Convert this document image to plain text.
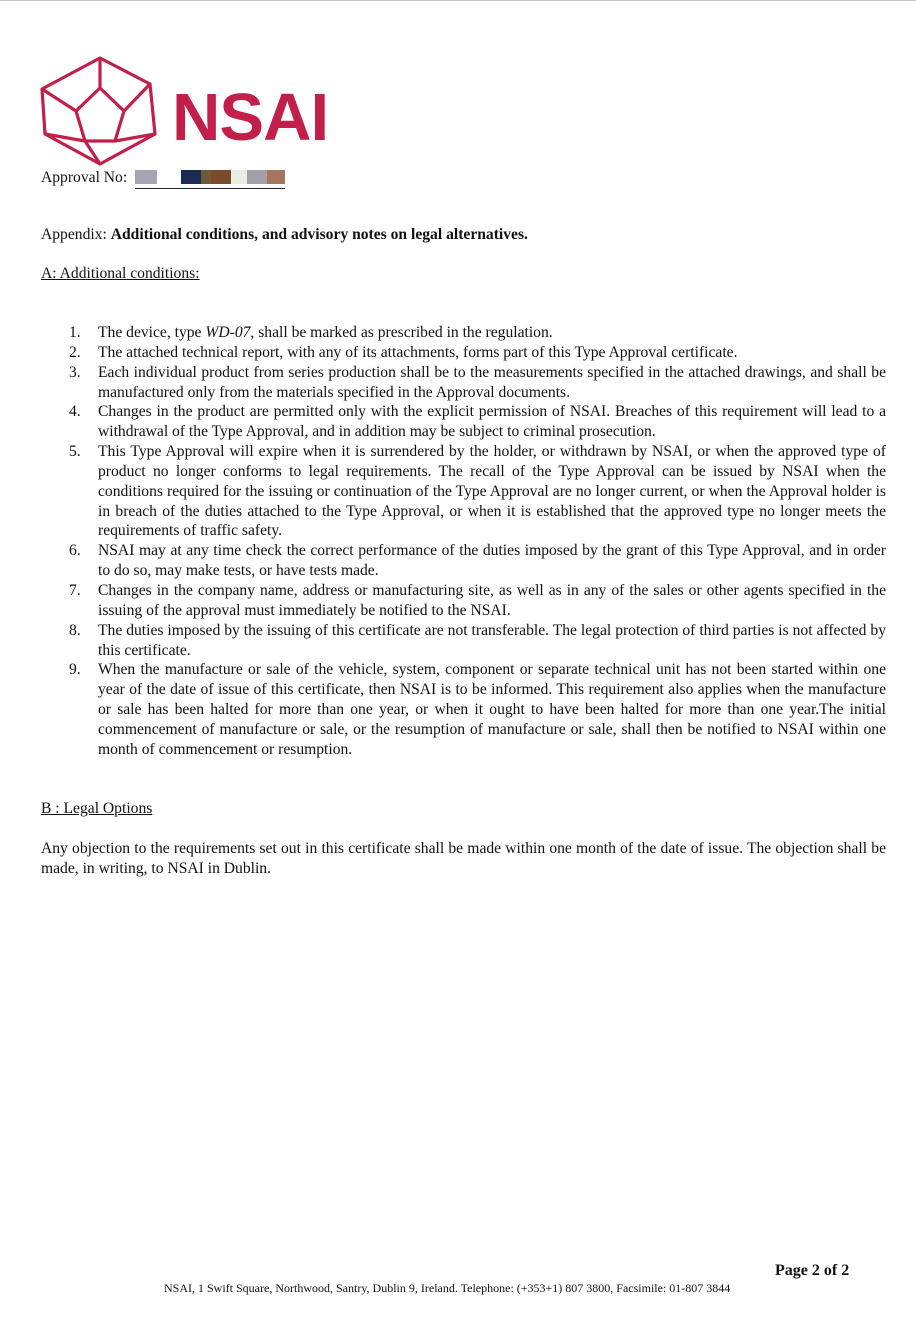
NSAI
Approval No:
Appendix: Additional conditions, and advisory notes on legal alternatives.
A: Additional conditions:
1. The device, type WD-07, shall be marked as prescribed in the regulation.
2. The attached technical report, with any of its attachments, forms part of this Type Approval certificate.
3. Each individual product from series production shall be to the measurements specified in the attached drawings, and shall be manufactured only from the materials specified in the Approval documents.
4. Changes in the product are permitted only with the explicit permission of NSAI. Breaches of this requirement will lead to a withdrawal of the Type Approval, and in addition may be subject to criminal prosecution.
5. This Type Approval will expire when it is surrendered by the holder, or withdrawn by NSAI, or when the approved type of product no longer conforms to legal requirements. The recall of the Type Approval can be issued by NSAI when the conditions required for the issuing or continuation of the Type Approval are no longer current, or when the Approval holder is in breach of the duties attached to the Type Approval, or when it is established that the approved type no longer meets the requirements of traffic safety.
6. NSAI may at any time check the correct performance of the duties imposed by the grant of this Type Approval, and in order to do so, may make tests, or have tests made.
7. Changes in the company name, address or manufacturing site, as well as in any of the sales or other agents specified in the issuing of the approval must immediately be notified to the NSAI.
8. The duties imposed by the issuing of this certificate are not transferable. The legal protection of third parties is not affected by this certificate.
9. When the manufacture or sale of the vehicle, system, component or separate technical unit has not been started within one year of the date of issue of this certificate, then NSAI is to be informed. This requirement also applies when the manufacture or sale has been halted for more than one year, or when it ought to have been halted for more than one year.The initial commencement of manufacture or sale, or the resumption of manufacture or sale, shall then be notified to NSAI within one month of commencement or resumption.
B : Legal Options
Any objection to the requirements set out in this certificate shall be made within one month of the date of issue. The objection shall be made, in writing, to NSAI in Dublin.
Page 2 of 2
NSAI, 1 Swift Square, Northwood, Santry, Dublin 9, Ireland. Telephone: (+353+1) 807 3800, Facsimile: 01-807 3844
